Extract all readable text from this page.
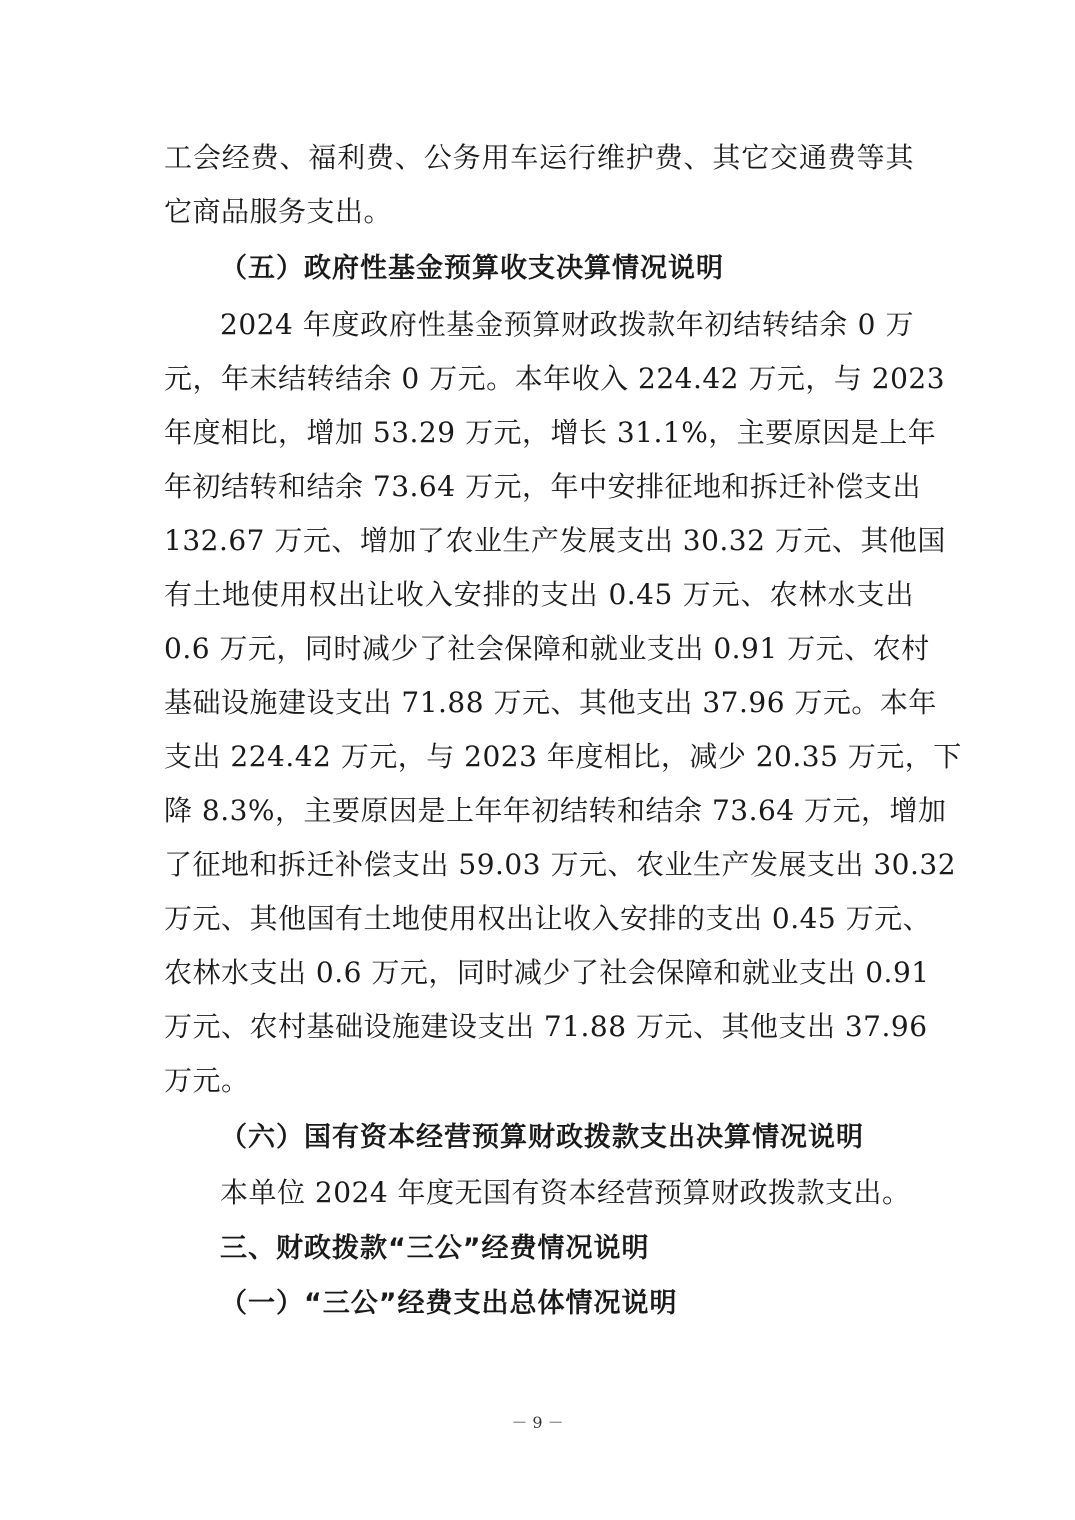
工会经费、福利费、公务用车运行维护费、其它交通费等其
它商品服务支出。
（五）政府性基金预算收支决算情况说明
2024 年度政府性基金预算财政拨款年初结转结余 0 万
元，年末结转结余 0 万元。本年收入 224.42 万元，与 2023
年度相比，增加 53.29 万元，增长 31.1%，主要原因是上年
年初结转和结余 73.64 万元，年中安排征地和拆迁补偿支出
132.67 万元、增加了农业生产发展支出 30.32 万元、其他国
有土地使用权出让收入安排的支出 0.45 万元、农林水支出
0.6 万元，同时减少了社会保障和就业支出 0.91 万元、农村
基础设施建设支出 71.88 万元、其他支出 37.96 万元。本年
支出 224.42 万元，与 2023 年度相比，减少 20.35 万元，下
降 8.3%，主要原因是上年年初结转和结余 73.64 万元，增加
了征地和拆迁补偿支出 59.03 万元、农业生产发展支出 30.32
万元、其他国有土地使用权出让收入安排的支出 0.45 万元、
农林水支出 0.6 万元，同时减少了社会保障和就业支出 0.91
万元、农村基础设施建设支出 71.88 万元、其他支出 37.96
万元。
（六）国有资本经营预算财政拨款支出决算情况说明
本单位 2024 年度无国有资本经营预算财政拨款支出。
三、财政拨款“三公”经费情况说明
（一）“三公”经费支出总体情况说明
－ 9 －
